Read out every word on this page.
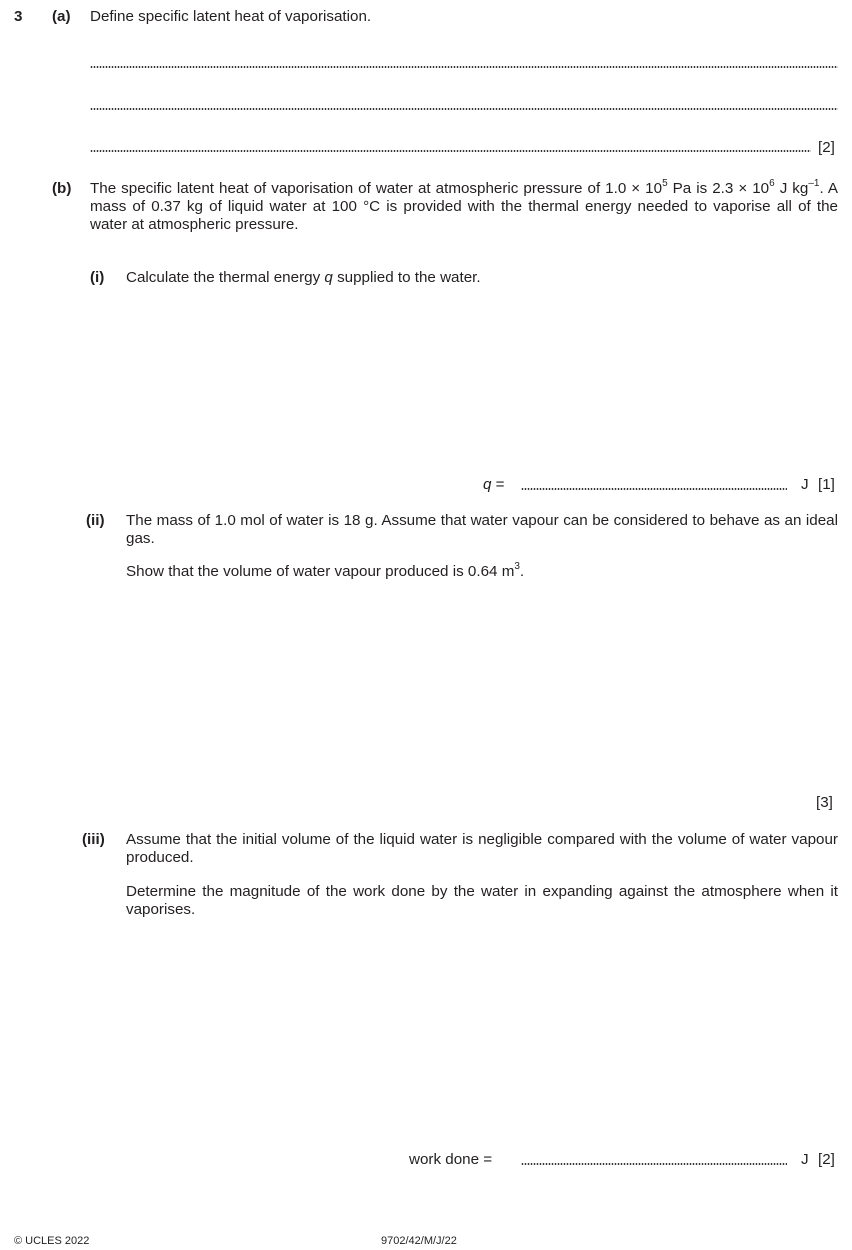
3 (a) Define specific latent heat of vaporisation.
[2]
(b) The specific latent heat of vaporisation of water at atmospheric pressure of $1.0 \times 10^5$ Pa is $2.3 \times 10^6$ J $kg^{-1}$. A mass of 0.37 kg of liquid water at 100 °C is provided with the thermal energy needed to vaporise all of the water at atmospheric pressure.
(i) Calculate the thermal energy q supplied to the water.
q =	J [1]
(ii) The mass of 1.0 mol of water is 18 g. Assume that water vapour can be considered to behave as an ideal gas.
Show that the volume of water vapour produced is 0.64 $m^3$.
[3]
(iii) Assume that the initial volume of the liquid water is negligible compared with the volume of water vapour produced.
Determine the magnitude of the work done by the water in expanding against the atmosphere when it vaporises.
work done =	J [2]
© UCLES 2022	9702/42/M/J/22
